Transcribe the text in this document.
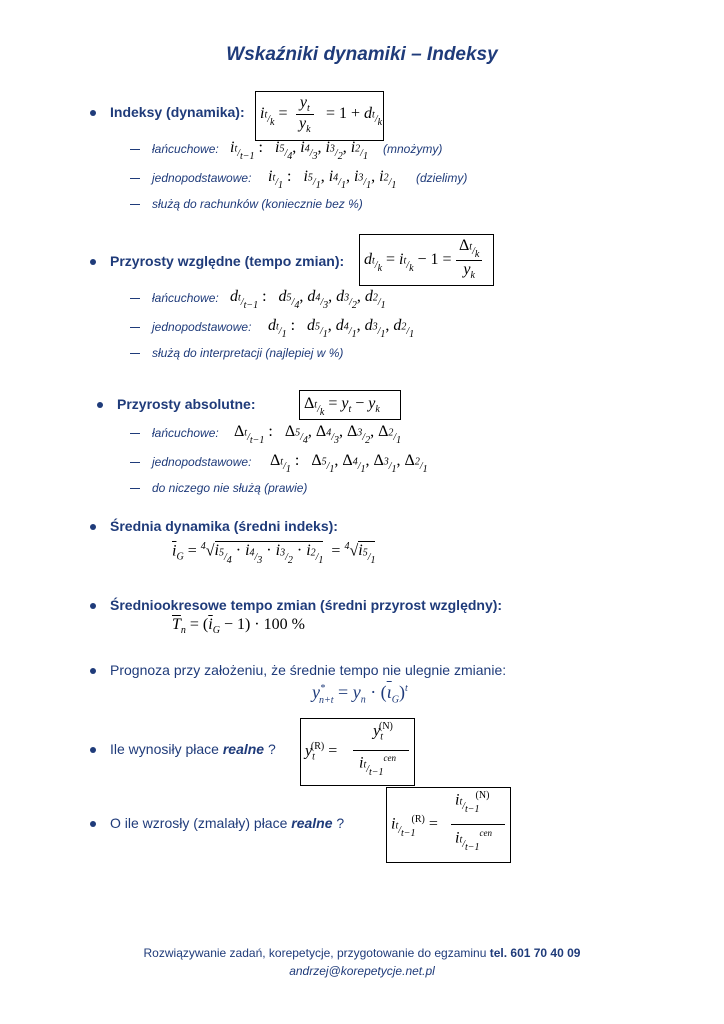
Wskaźniki dynamiki – Indeksy
Indeksy (dynamika): $i_{^t/_k} = \frac{y_t}{y_k} = 1 + d_{^t/_k}$
łańcuchowe: $i_{^t/_{t-1}}$ :   $i_{^5/_4}$, $i_{^4/_3}$, $i_{^3/_2}$, $i_{^2/_1}$
(mnożymy)
jednopodstawowe: $i_{^t/_1}$ :   $i_{^5/_1}$, $i_{^4/_1}$, $i_{^3/_1}$, $i_{^2/_1}$
(dzielimy)
służą do rachunków (koniecznie bez %)
Przyrosty względne (tempo zmian): $d_{^t/_k} = i_{^t/_k} - 1 = \frac{\Delta_{^t/_k}}{y_k}$
łańcuchowe: $d_{^t/_{t-1}}$ :   $d_{^5/_4}$, $d_{^4/_3}$, $d_{^3/_2}$, $d_{^2/_1}$
jednopodstawowe: $d_{^t/_1}$ :   $d_{^5/_1}$, $d_{^4/_1}$, $d_{^3/_1}$, $d_{^2/_1}$
służą do interpretacji (najlepiej w %)
Przyrosty absolutne:	$\Delta_{^t/_k} = y_t - y_k$
łańcuchowe: $\Delta_{^t/_{t-1}}$ : $\Delta_{^5/_4}$, $\Delta_{^4/_3}$, $\Delta_{^3/_2}$, $\Delta_{^2/_1}$
jednopodstawowe: $\Delta_{^t/_1}$ : $\Delta_{^5/_1}$, $\Delta_{^4/_1}$, $\Delta_{^3/_1}$, $\Delta_{^2/_1}$
do niczego nie służą (prawie)
Średnia dynamika (średni indeks):
$\overline{i}_G = ^4√i_{^5/_4} \cdot i_{^4/_3} \cdot i_{^3/_2} \cdot i_{^2/_1} = ^4√i_{^5/_1}$
Średniookresowe tempo zmian (średni przyrost względny):
$\overline{T}_n = (\overline{i}_G - 1) \cdot 100$ %
Prognoza przy założeniu, że średnie tempo nie ulegnie zmianie:
$y^*_{n+t} = y_n \cdot (\overline{\iota}_G)^t$
Ile wynosiły płace realne ? $y_t^{(R)}$ =
$y_t^{(N)}$
$i_{^t/_{t-1}}^{cen}$
O ile wzrosły (zmalały) płace realne ?	$i_{^t/_{t-1}}^{(R)}$ =
$i_{^t/_{t-1}}^{(N)}$
$i_{^t/_{t-1}}^{cen}$
Rozwiązywanie zadań, korepetycje, przygotowanie do egzaminu tel. 601 70 40 09
andrzej@korepetycje.net.pl
